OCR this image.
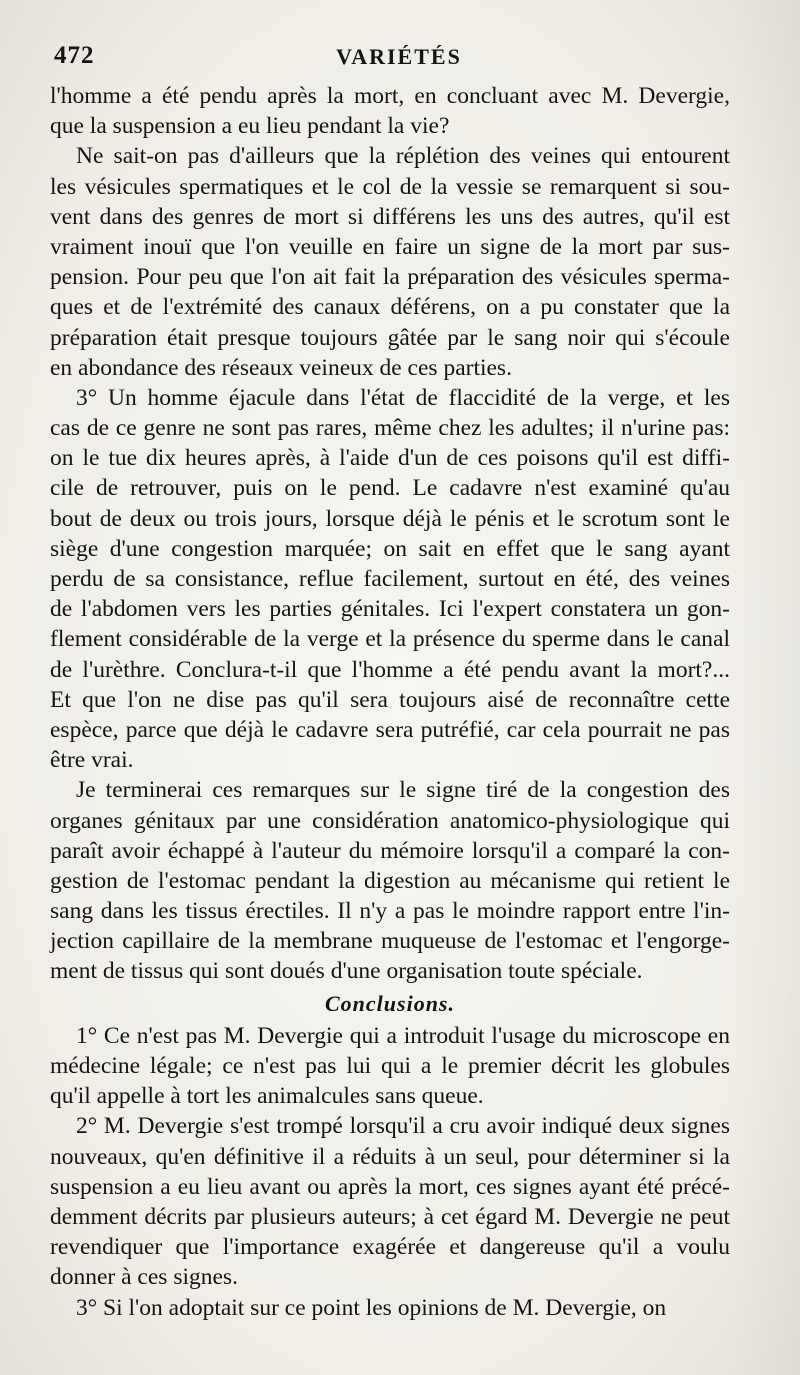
472	VARIÉTÉS
l'homme a été pendu après la mort, en concluant avec M. Devergie,
que la suspension a eu lieu pendant la vie?
Ne sait-on pas d'ailleurs que la réplétion des veines qui entourent
les vésicules spermatiques et le col de la vessie se remarquent si sou-
vent dans des genres de mort si différens les uns des autres, qu'il est
vraiment inouï que l'on veuille en faire un signe de la mort par sus-
pension. Pour peu que l'on ait fait la préparation des vésicules sperma-
ques et de l'extrémité des canaux déférens, on a pu constater que la
préparation était presque toujours gâtée par le sang noir qui s'écoule
en abondance des réseaux veineux de ces parties.
3° Un homme éjacule dans l'état de flaccidité de la verge, et les
cas de ce genre ne sont pas rares, même chez les adultes; il n'urine pas:
on le tue dix heures après, à l'aide d'un de ces poisons qu'il est diffi-
cile de retrouver, puis on le pend. Le cadavre n'est examiné qu'au
bout de deux ou trois jours, lorsque déjà le pénis et le scrotum sont le
siège d'une congestion marquée; on sait en effet que le sang ayant
perdu de sa consistance, reflue facilement, surtout en été, des veines
de l'abdomen vers les parties génitales. Ici l'expert constatera un gon-
flement considérable de la verge et la présence du sperme dans le canal
de l'urèthre. Conclura-t-il que l'homme a été pendu avant la mort?...
Et que l'on ne dise pas qu'il sera toujours aisé de reconnaître cette
espèce, parce que déjà le cadavre sera putréfié, car cela pourrait ne pas
être vrai.
Je terminerai ces remarques sur le signe tiré de la congestion des
organes génitaux par une considération anatomico-physiologique qui
paraît avoir échappé à l'auteur du mémoire lorsqu'il a comparé la con-
gestion de l'estomac pendant la digestion au mécanisme qui retient le
sang dans les tissus érectiles. Il n'y a pas le moindre rapport entre l'in-
jection capillaire de la membrane muqueuse de l'estomac et l'engorge-
ment de tissus qui sont doués d'une organisation toute spéciale.
Conclusions.
1° Ce n'est pas M. Devergie qui a introduit l'usage du microscope en
médecine légale; ce n'est pas lui qui a le premier décrit les globules
qu'il appelle à tort les animalcules sans queue.
2° M. Devergie s'est trompé lorsqu'il a cru avoir indiqué deux signes
nouveaux, qu'en définitive il a réduits à un seul, pour déterminer si la
suspension a eu lieu avant ou après la mort, ces signes ayant été précé-
demment décrits par plusieurs auteurs; à cet égard M. Devergie ne peut
revendiquer que l'importance exagérée et dangereuse qu'il a voulu
donner à ces signes.
3° Si l'on adoptait sur ce point les opinions de M. Devergie, on
